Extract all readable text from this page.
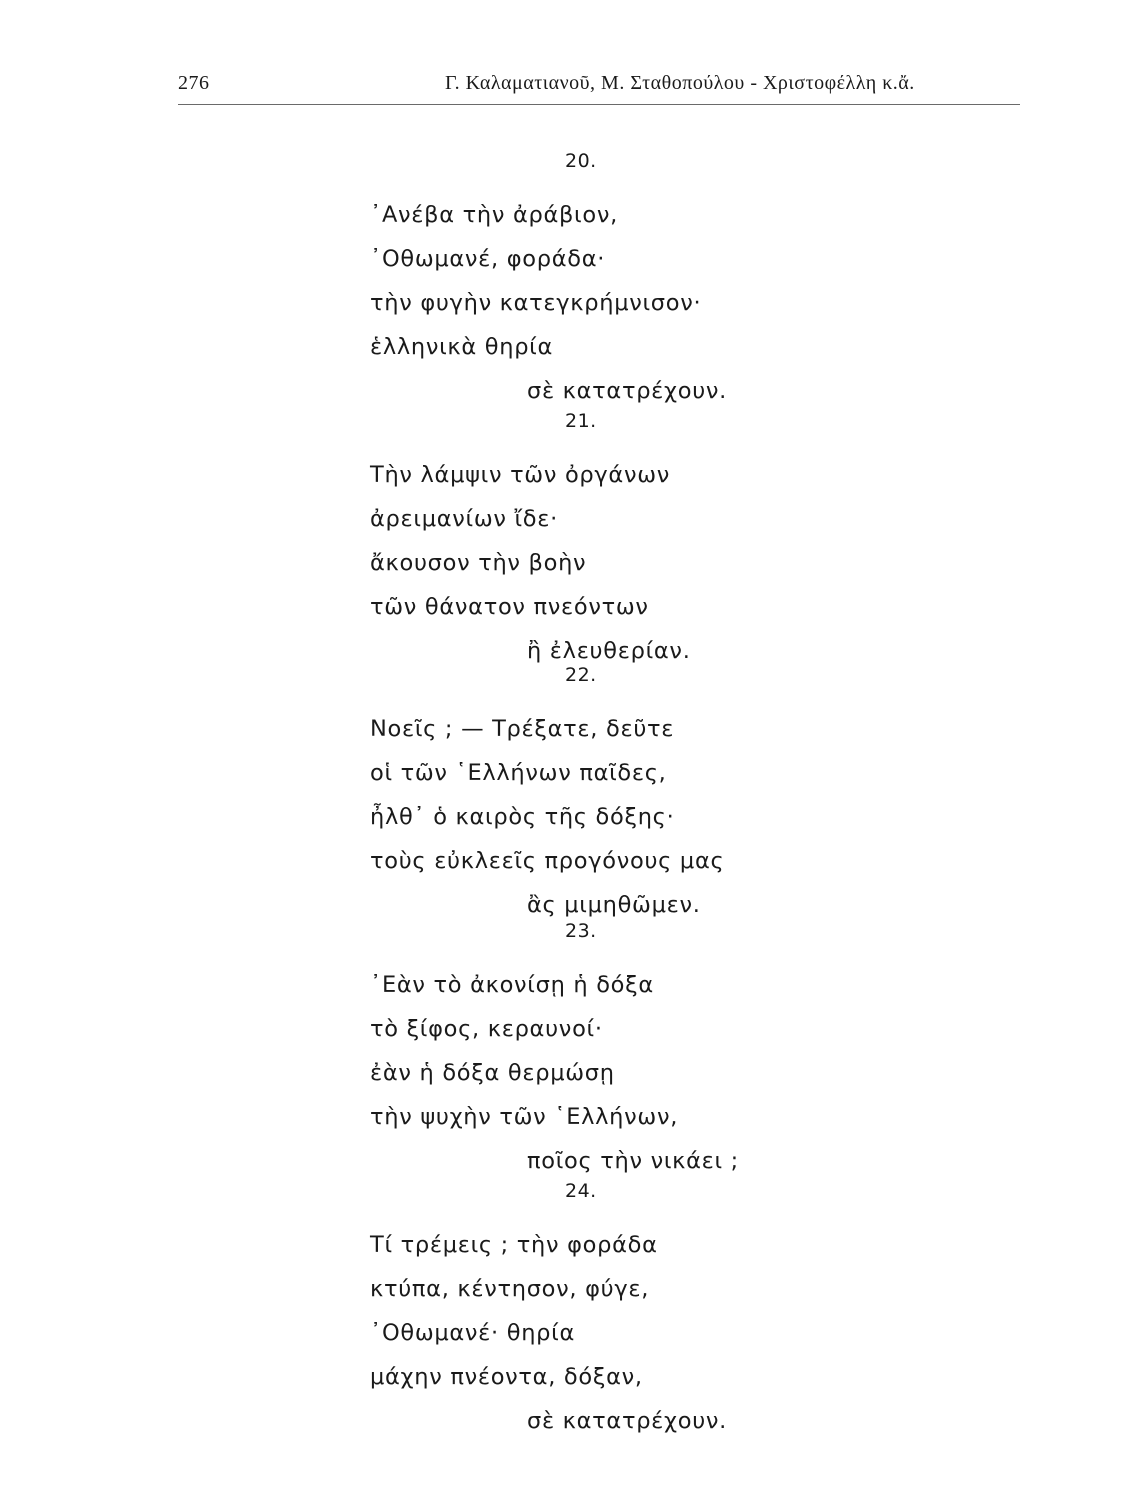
276	Γ. Καλαματιανοῦ, Μ. Σταθοπούλου - Χριστοφέλλη κ.ἄ.
20.
᾿Ανέβα τὴν ἀράβιον,
᾿Οθωμανέ, φοράδα·
τὴν φυγὴν κατεγκρήμνισον·
ἑλληνικὰ θηρία
σὲ κατατρέχουν.
21.
Τὴν λάμψιν τῶν ὀργάνων
ἀρειμανίων ἴδε·
ἄκουσον τὴν βοὴν
τῶν θάνατον πνεόντων
ἢ ἐλευθερίαν.
22.
Νοεῖς ; — Τρέξατε, δεῦτε
οἱ τῶν ῾Ελλήνων παῖδες,
ἦλθ᾿ ὁ καιρὸς τῆς δόξης·
τοὺς εὐκλεεῖς προγόνους μας
ἂς μιμηθῶμεν.
23.
᾿Εὰν τὸ ἀκονίσῃ ἡ δόξα
τὸ ξίφος, κεραυνοί·
ἐὰν ἡ δόξα θερμώσῃ
τὴν ψυχὴν τῶν ῾Ελλήνων,
ποῖος τὴν νικάει ;
24.
Τί τρέμεις ; τὴν φοράδα
κτύπα, κέντησον, φύγε,
᾿Οθωμανέ· θηρία
μάχην πνέοντα, δόξαν,
σὲ κατατρέχουν.
